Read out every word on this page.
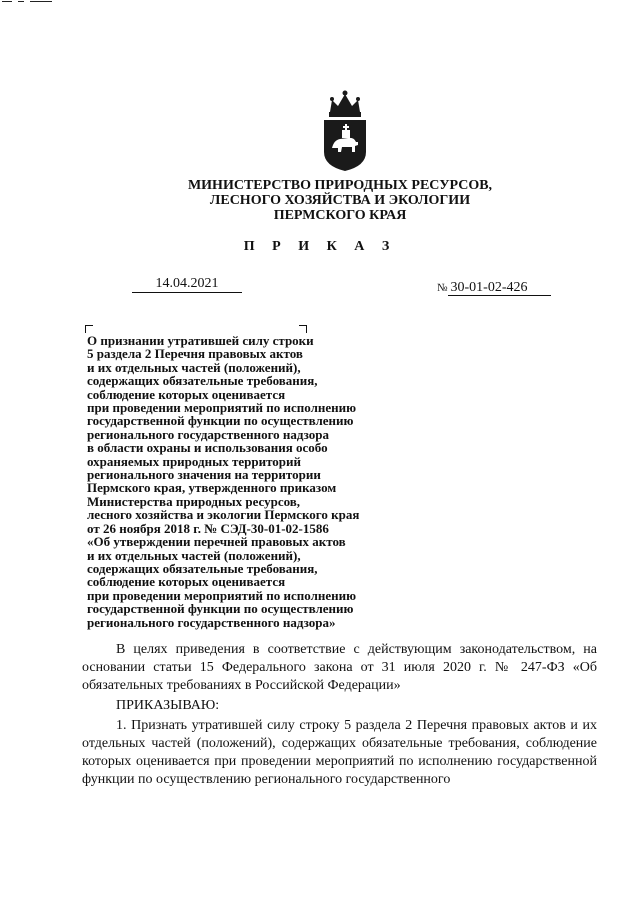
МИНИСТЕРСТВО ПРИРОДНЫХ РЕСУРСОВ,
ЛЕСНОГО ХОЗЯЙСТВА И ЭКОЛОГИИ
ПЕРМСКОГО КРАЯ
П Р И К А З
14.04.2021	№ 30-01-02-426
О признании утратившей силу строки
5 раздела 2 Перечня правовых актов
и их отдельных частей (положений),
содержащих обязательные требования,
соблюдение которых оценивается
при проведении мероприятий по исполнению
государственной функции по осуществлению
регионального государственного надзора
в области охраны и использования особо
охраняемых природных территорий
регионального значения на территории
Пермского края, утвержденного приказом
Министерства природных ресурсов,
лесного хозяйства и экологии Пермского края
от 26 ноября 2018 г. № СЭД-30-01-02-1586
«Об утверждении перечней правовых актов
и их отдельных частей (положений),
содержащих обязательные требования,
соблюдение которых оценивается
при проведении мероприятий по исполнению
государственной функции по осуществлению
регионального государственного надзора»

В целях приведения в соответствие с действующим законодательством, на основании статьи 15 Федерального закона от 31 июля 2020 г. № 247-ФЗ «Об обязательных требованиях в Российской Федерации»

ПРИКАЗЫВАЮ:

1. Признать утратившей силу строку 5 раздела 2 Перечня правовых актов и их отдельных частей (положений), содержащих обязательные требования, соблюдение которых оценивается при проведении мероприятий по исполнению государственной функции по осуществлению регионального государственного
